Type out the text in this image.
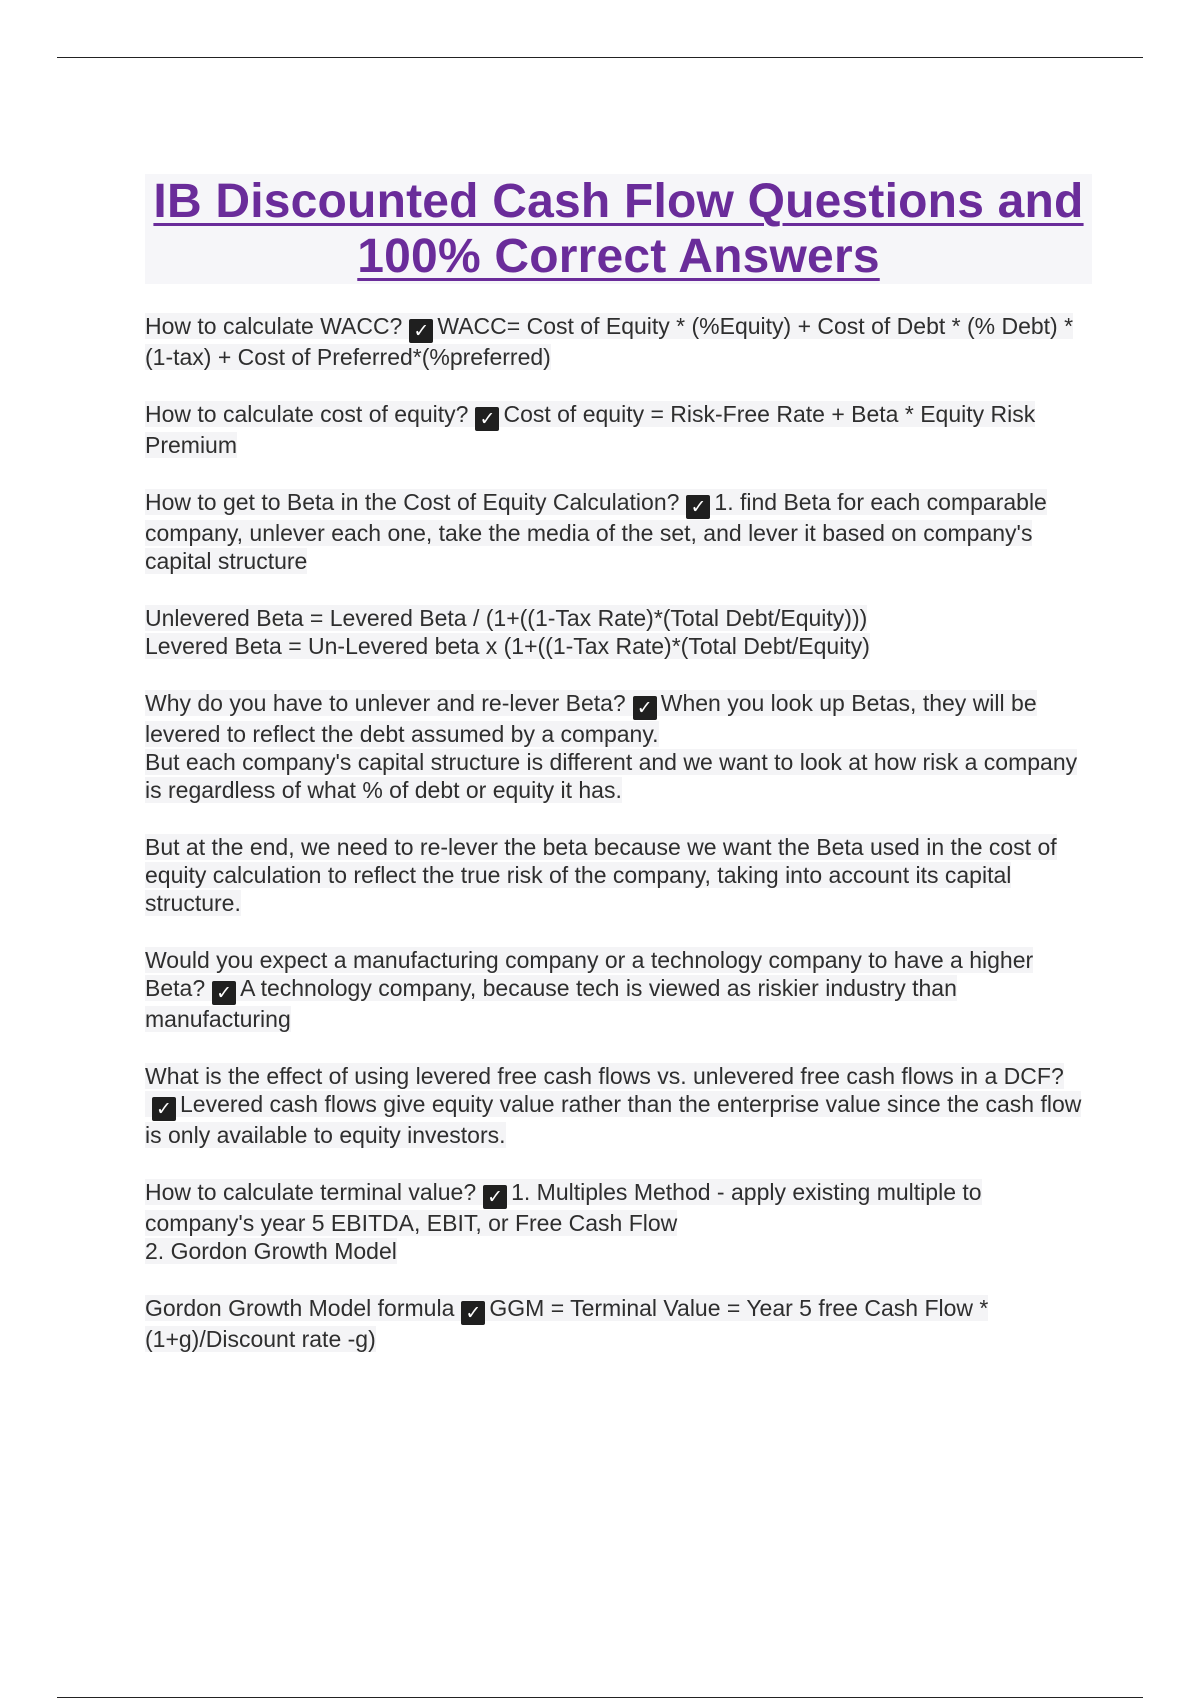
IB Discounted Cash Flow Questions and
100% Correct Answers

How to calculate WACC? ✓ WACC= Cost of Equity * (%Equity) + Cost of Debt * (% Debt) *(1-tax) + Cost of Preferred*(%preferred)

How to calculate cost of equity? ✓ Cost of equity = Risk-Free Rate + Beta * Equity Risk Premium

How to get to Beta in the Cost of Equity Calculation? ✓ 1. find Beta for each comparable company, unlever each one, take the media of the set, and lever it based on company's capital structure

Unlevered Beta = Levered Beta / (1+((1-Tax Rate)*(Total Debt/Equity)))
Levered Beta = Un-Levered beta x (1+((1-Tax Rate)*(Total Debt/Equity)

Why do you have to unlever and re-lever Beta? ✓ When you look up Betas, they will be levered to reflect the debt assumed by a company.
But each company's capital structure is different and we want to look at how risk a company is regardless of what % of debt or equity it has.

But at the end, we need to re-lever the beta because we want the Beta used in the cost of equity calculation to reflect the true risk of the company, taking into account its capital structure.

Would you expect a manufacturing company or a technology company to have a higher Beta? ✓ A technology company, because tech is viewed as riskier industry than manufacturing

What is the effect of using levered free cash flows vs. unlevered free cash flows in a DCF?✓ Levered cash flows give equity value rather than the enterprise value since the cash flow is only available to equity investors.

How to calculate terminal value? ✓ 1. Multiples Method - apply existing multiple to company's year 5 EBITDA, EBIT, or Free Cash Flow
2. Gordon Growth Model

Gordon Growth Model formula ✓ GGM = Terminal Value = Year 5 free Cash Flow * (1+g)/Discount rate -g)
